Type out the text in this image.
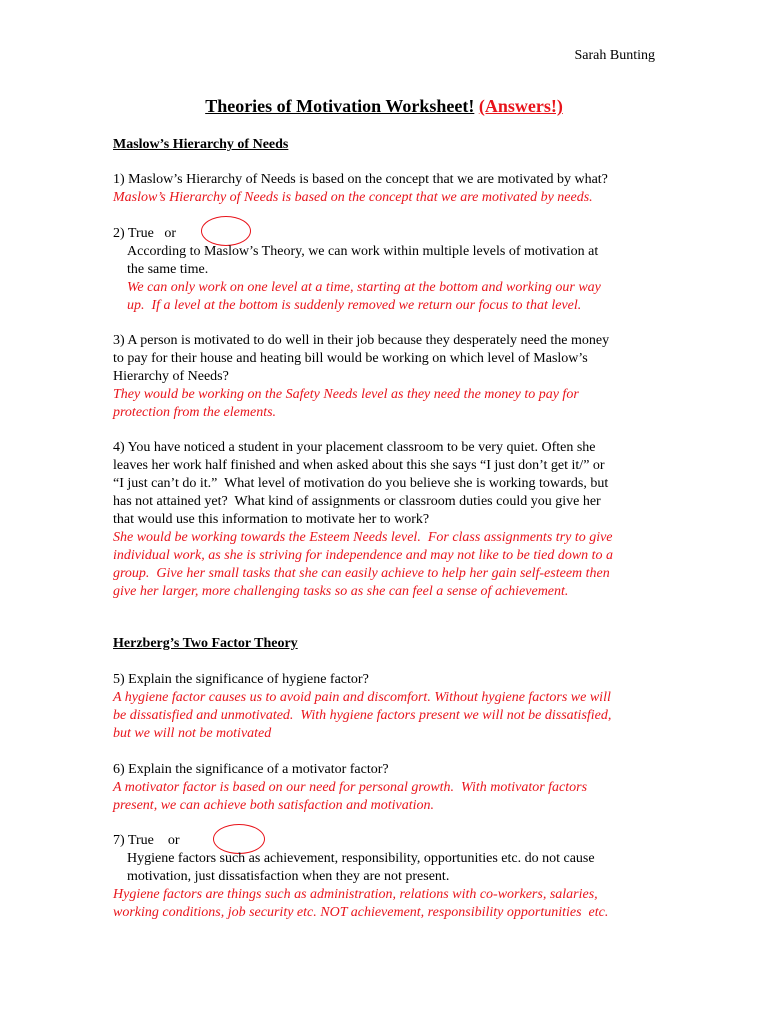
Sarah Bunting
Theories of Motivation Worksheet! (Answers!)
Maslow’s Hierarchy of Needs
1) Maslow’s Hierarchy of Needs is based on the concept that we are motivated by what?
Maslow’s Hierarchy of Needs is based on the concept that we are motivated by needs.
2) True or
According to Maslow’s Theory, we can work within multiple levels of motivation at
the same time.
We can only work on one level at a time, starting at the bottom and working our way
up.  If a level at the bottom is suddenly removed we return our focus to that level.
3) A person is motivated to do well in their job because they desperately need the money
to pay for their house and heating bill would be working on which level of Maslow’s
Hierarchy of Needs?
They would be working on the Safety Needs level as they need the money to pay for
protection from the elements.
4) You have noticed a student in your placement classroom to be very quiet. Often she
leaves her work half finished and when asked about this she says “I just don’t get it/” or
“I just can’t do it.”  What level of motivation do you believe she is working towards, but
has not attained yet?  What kind of assignments or classroom duties could you give her
that would use this information to motivate her to work?
She would be working towards the Esteem Needs level.  For class assignments try to give
individual work, as she is striving for independence and may not like to be tied down to a
group.  Give her small tasks that she can easily achieve to help her gain self-esteem then
give her larger, more challenging tasks so as she can feel a sense of achievement.
Herzberg’s Two Factor Theory
5) Explain the significance of hygiene factor?
A hygiene factor causes us to avoid pain and discomfort. Without hygiene factors we will
be dissatisfied and unmotivated.  With hygiene factors present we will not be dissatisfied,
but we will not be motivated
6) Explain the significance of a motivator factor?
A motivator factor is based on our need for personal growth.  With motivator factors
present, we can achieve both satisfaction and motivation.
7) True or
Hygiene factors such as achievement, responsibility, opportunities etc. do not cause
motivation, just dissatisfaction when they are not present.
Hygiene factors are things such as administration, relations with co-workers, salaries,
working conditions, job security etc. NOT achievement, responsibility opportunities  etc.
